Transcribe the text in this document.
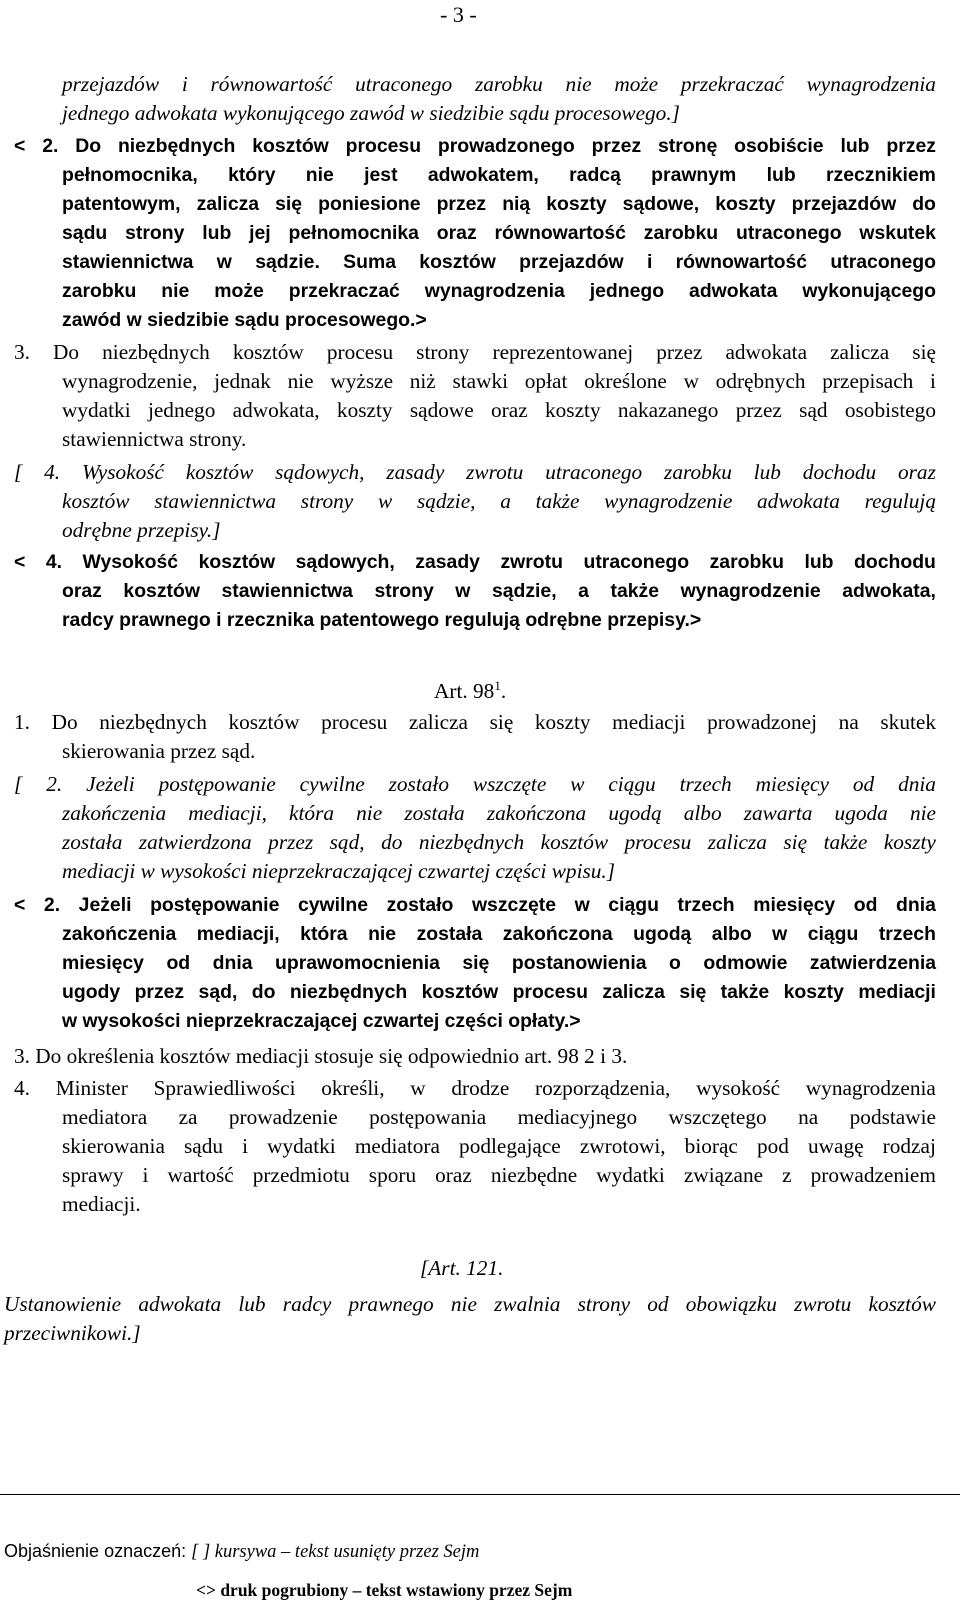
- 3 -
przejazdów i równowartość utraconego zarobku nie może przekraczać wynagrodzenia
jednego adwokata wykonującego zawód w siedzibie sądu procesowego.]
< 2. Do niezbędnych kosztów procesu prowadzonego przez stronę osobiście lub przez
pełnomocnika, który nie jest adwokatem, radcą prawnym lub rzecznikiem
patentowym, zalicza się poniesione przez nią koszty sądowe, koszty przejazdów do
sądu strony lub jej pełnomocnika oraz równowartość zarobku utraconego wskutek
stawiennictwa w sądzie. Suma kosztów przejazdów i równowartość utraconego
zarobku nie może przekraczać wynagrodzenia jednego adwokata wykonującego
zawód w siedzibie sądu procesowego.>
3. Do niezbędnych kosztów procesu strony reprezentowanej przez adwokata zalicza się
wynagrodzenie, jednak nie wyższe niż stawki opłat określone w odrębnych przepisach i
wydatki jednego adwokata, koszty sądowe oraz koszty nakazanego przez sąd osobistego
stawiennictwa strony.
[ 4. Wysokość kosztów sądowych, zasady zwrotu utraconego zarobku lub dochodu oraz
kosztów stawiennictwa strony w sądzie, a także wynagrodzenie adwokata regulują
odrębne przepisy.]
< 4. Wysokość kosztów sądowych, zasady zwrotu utraconego zarobku lub dochodu
oraz kosztów stawiennictwa strony w sądzie, a także wynagrodzenie adwokata,
radcy prawnego i rzecznika patentowego regulują odrębne przepisy.>
Art. $98^1$.
1. Do niezbędnych kosztów procesu zalicza się koszty mediacji prowadzonej na skutek
skierowania przez sąd.
[ 2. Jeżeli postępowanie cywilne zostało wszczęte w ciągu trzech miesięcy od dnia
zakończenia mediacji, która nie została zakończona ugodą albo zawarta ugoda nie
została zatwierdzona przez sąd, do niezbędnych kosztów procesu zalicza się także koszty
mediacji w wysokości nieprzekraczającej czwartej części wpisu.]
< 2. Jeżeli postępowanie cywilne zostało wszczęte w ciągu trzech miesięcy od dnia
zakończenia mediacji, która nie została zakończona ugodą albo w ciągu trzech
miesięcy od dnia uprawomocnienia się postanowienia o odmowie zatwierdzenia
ugody przez sąd, do niezbędnych kosztów procesu zalicza się także koszty mediacji
w wysokości nieprzekraczającej czwartej części opłaty.>
3. Do określenia kosztów mediacji stosuje się odpowiednio art. 98 2 i 3.
4. Minister Sprawiedliwości określi, w drodze rozporządzenia, wysokość wynagrodzenia
mediatora za prowadzenie postępowania mediacyjnego wszczętego na podstawie
skierowania sądu i wydatki mediatora podlegające zwrotowi, biorąc pod uwagę rodzaj
sprawy i wartość przedmiotu sporu oraz niezbędne wydatki związane z prowadzeniem
mediacji.
[Art. 121.
Ustanowienie adwokata lub radcy prawnego nie zwalnia strony od obowiązku zwrotu kosztów
przeciwnikowi.]
Objaśnienie oznaczeń: [ ] kursywa – tekst usunięty przez Sejm
<> druk pogrubiony – tekst wstawiony przez Sejm
